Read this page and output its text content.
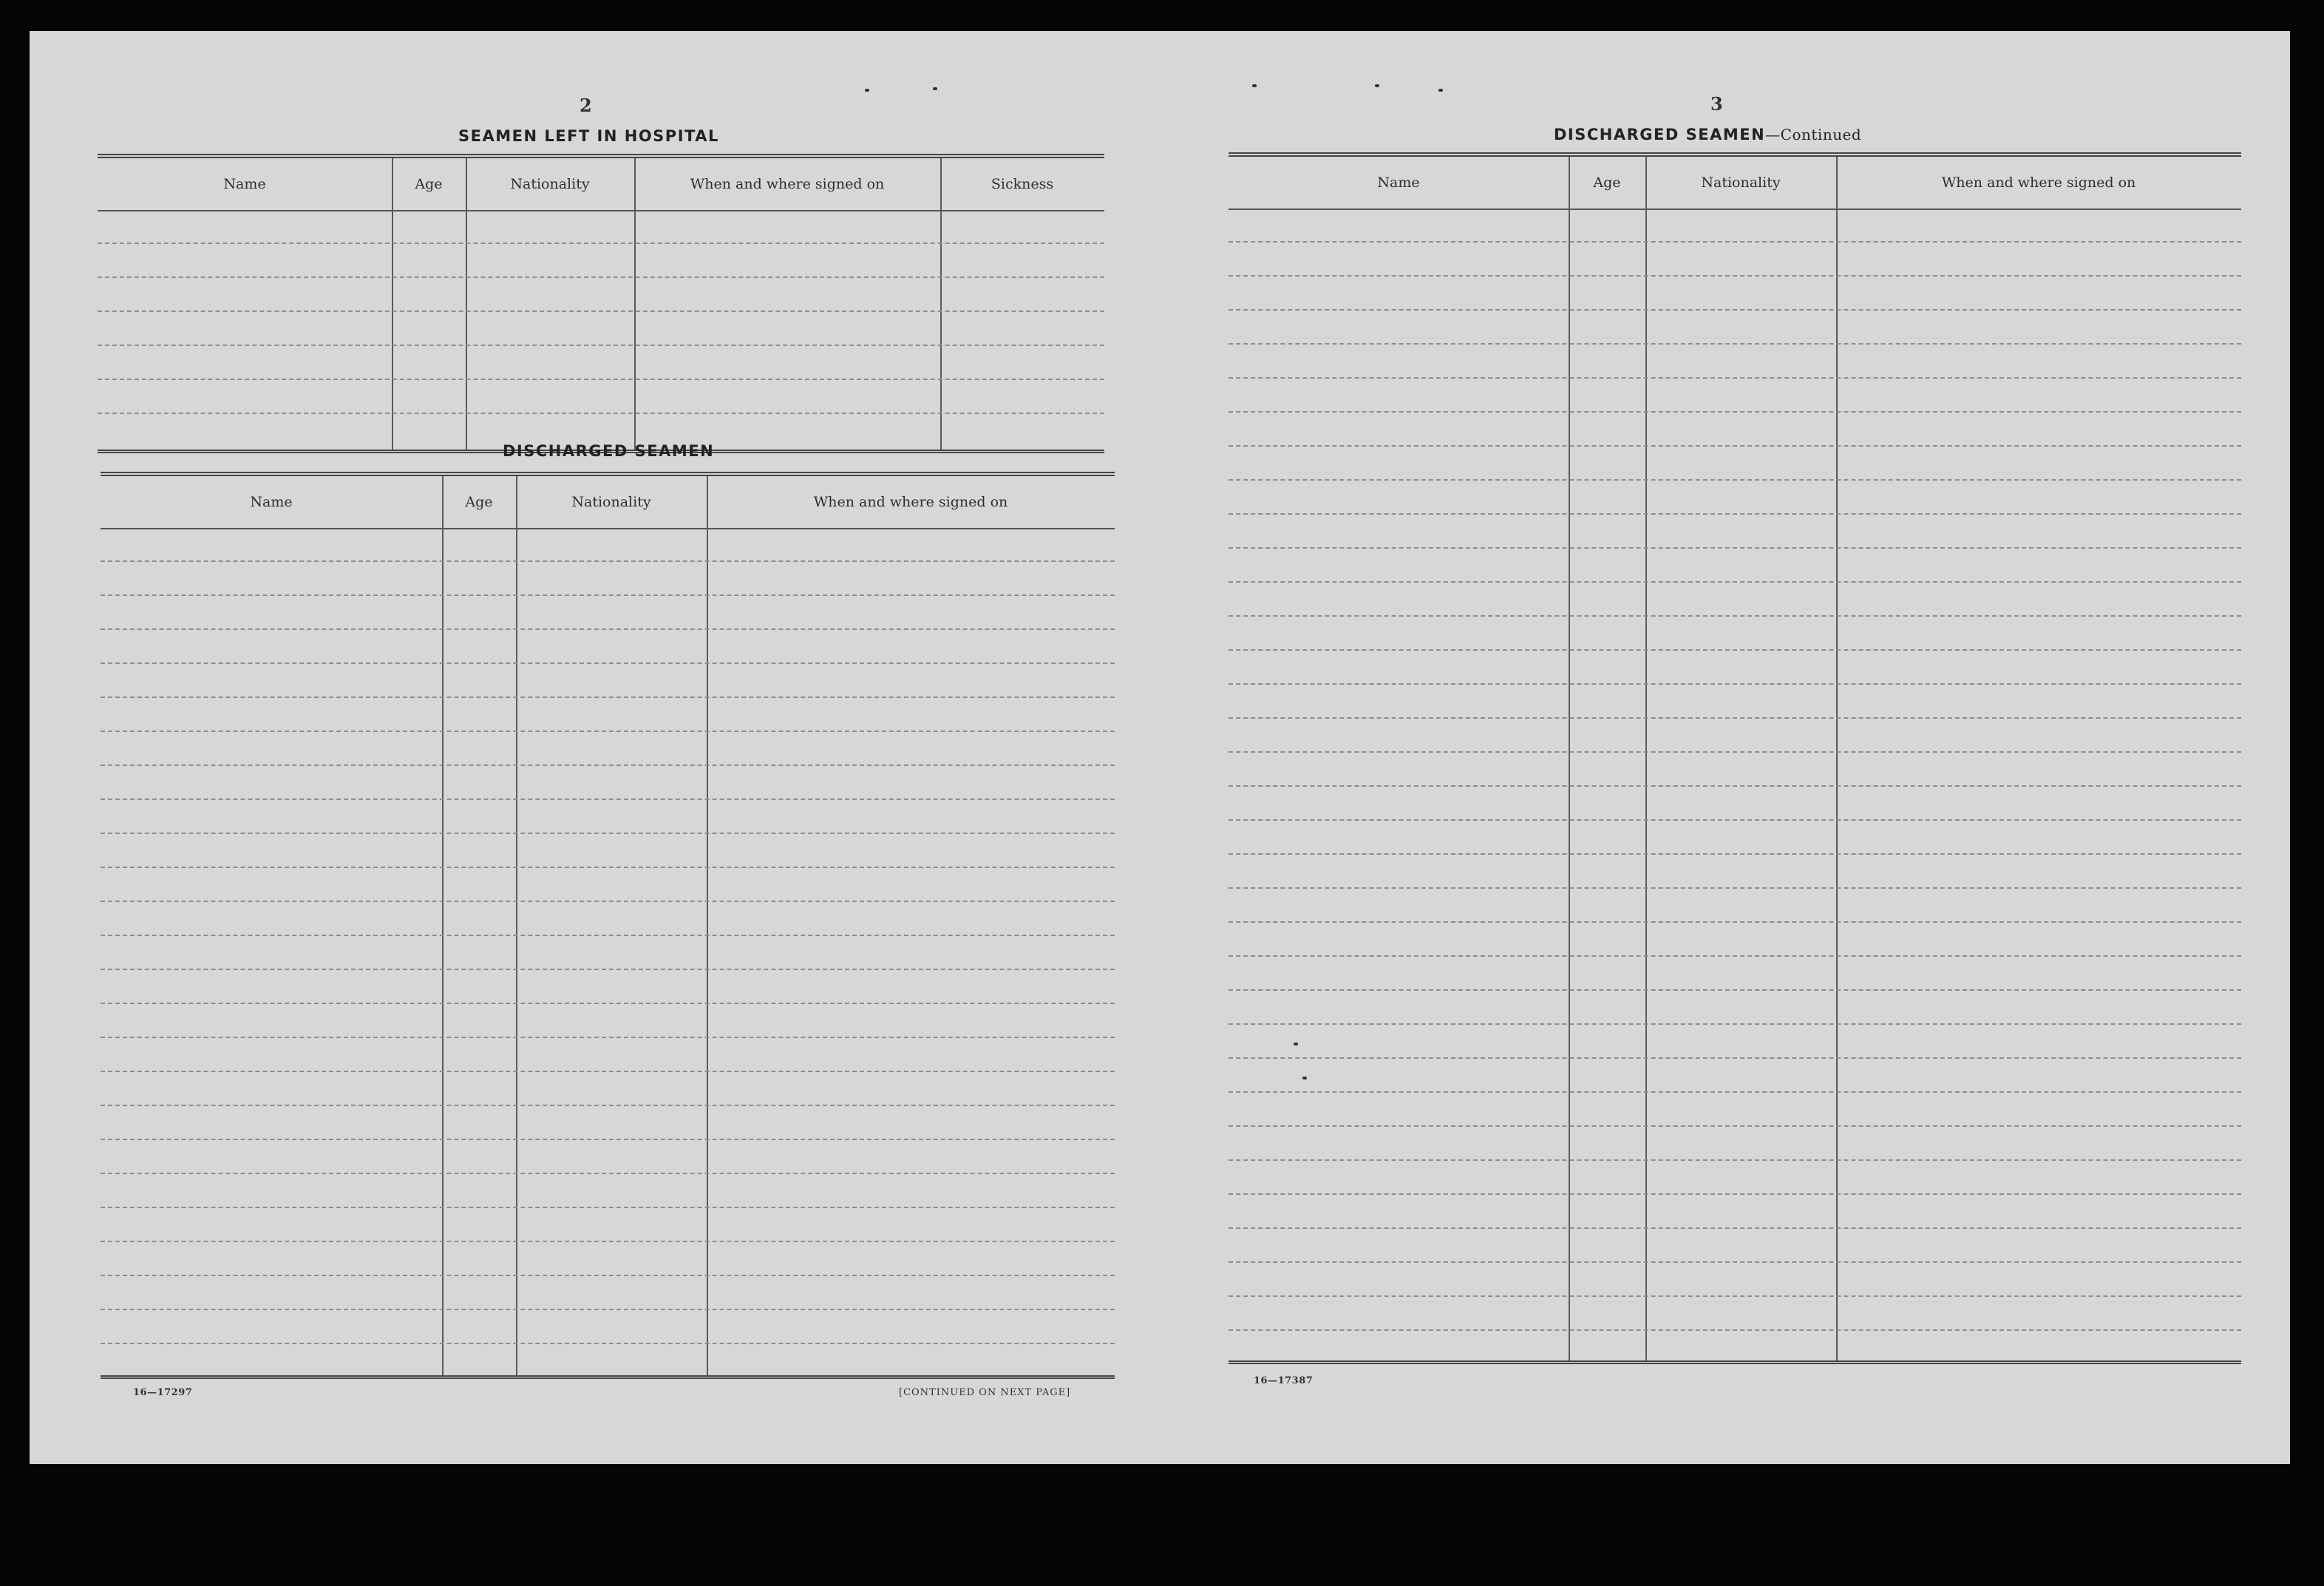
2
SEAMEN LEFT IN HOSPITAL
Name	Age	Nationality	When and where signed on	Sickness
DISCHARGED SEAMEN
Name	Age	Nationality	When and where signed on
16—17297	[CONTINUED ON NEXT PAGE]
3
DISCHARGED SEAMEN—Continued
Name	Age	Nationality	When and where signed on
16—17387
